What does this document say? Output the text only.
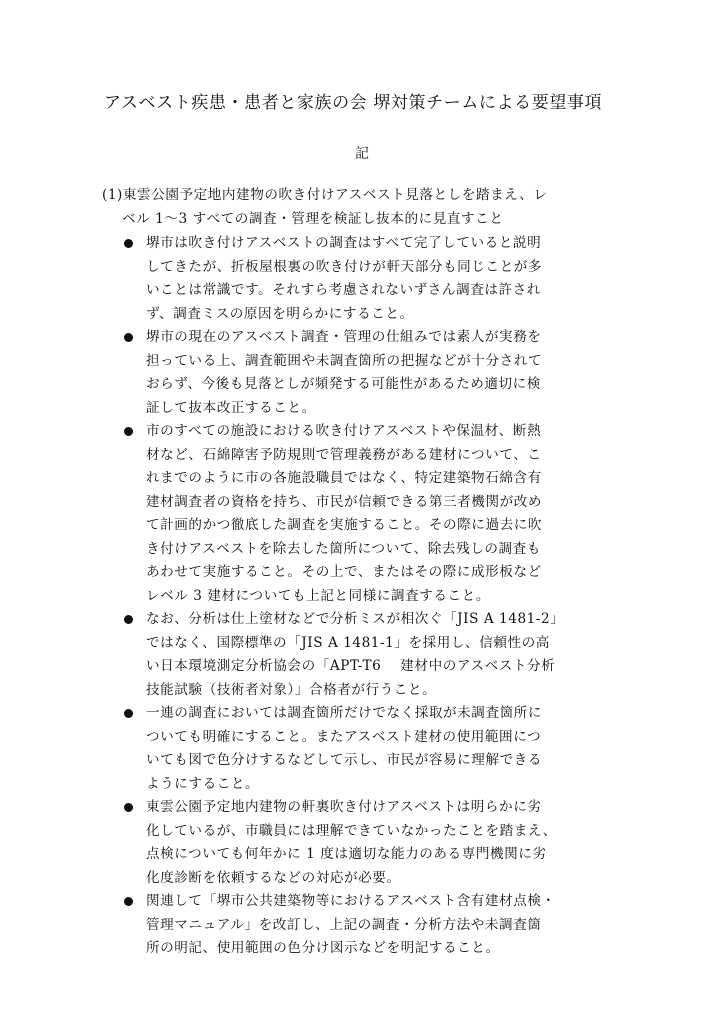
アスベスト疾患・患者と家族の会 堺対策チームによる要望事項
記
(1)東雲公園予定地内建物の吹き付けアスベスト見落としを踏まえ、レ
ベル 1～3 すべての調査・管理を検証し抜本的に見直すこと
堺市は吹き付けアスベストの調査はすべて完了していると説明
してきたが、折板屋根裏の吹き付けが軒天部分も同じことが多
いことは常識です。それすら考慮されないずさん調査は許され
ず、調査ミスの原因を明らかにすること。
堺市の現在のアスベスト調査・管理の仕組みでは素人が実務を
担っている上、調査範囲や未調査箇所の把握などが十分されて
おらず、今後も見落としが頻発する可能性があるため適切に検
証して抜本改正すること。
市のすべての施設における吹き付けアスベストや保温材、断熱
材など、石綿障害予防規則で管理義務がある建材について、こ
れまでのように市の各施設職員ではなく、特定建築物石綿含有
建材調査者の資格を持ち、市民が信頼できる第三者機関が改め
て計画的かつ徹底した調査を実施すること。その際に過去に吹
き付けアスベストを除去した箇所について、除去残しの調査も
あわせて実施すること。その上で、またはその際に成形板など
レベル 3 建材についても上記と同様に調査すること。
なお、分析は仕上塗材などで分析ミスが相次ぐ「JIS A 1481-2」
ではなく、国際標準の「JIS A 1481-1」を採用し、信頼性の高
い日本環境測定分析協会の「APT-T6　 建材中のアスベスト分析
技能試験（技術者対象）」合格者が行うこと。
一連の調査においては調査箇所だけでなく採取が未調査箇所に
ついても明確にすること。またアスベスト建材の使用範囲につ
いても図で色分けするなどして示し、市民が容易に理解できる
ようにすること。
東雲公園予定地内建物の軒裏吹き付けアスベストは明らかに劣
化しているが、市職員には理解できていなかったことを踏まえ、
点検についても何年かに 1 度は適切な能力のある専門機関に劣
化度診断を依頼するなどの対応が必要。
関連して「堺市公共建築物等におけるアスベスト含有建材点検・
管理マニュアル」を改訂し、上記の調査・分析方法や未調査箇
所の明記、使用範囲の色分け図示などを明記すること。
